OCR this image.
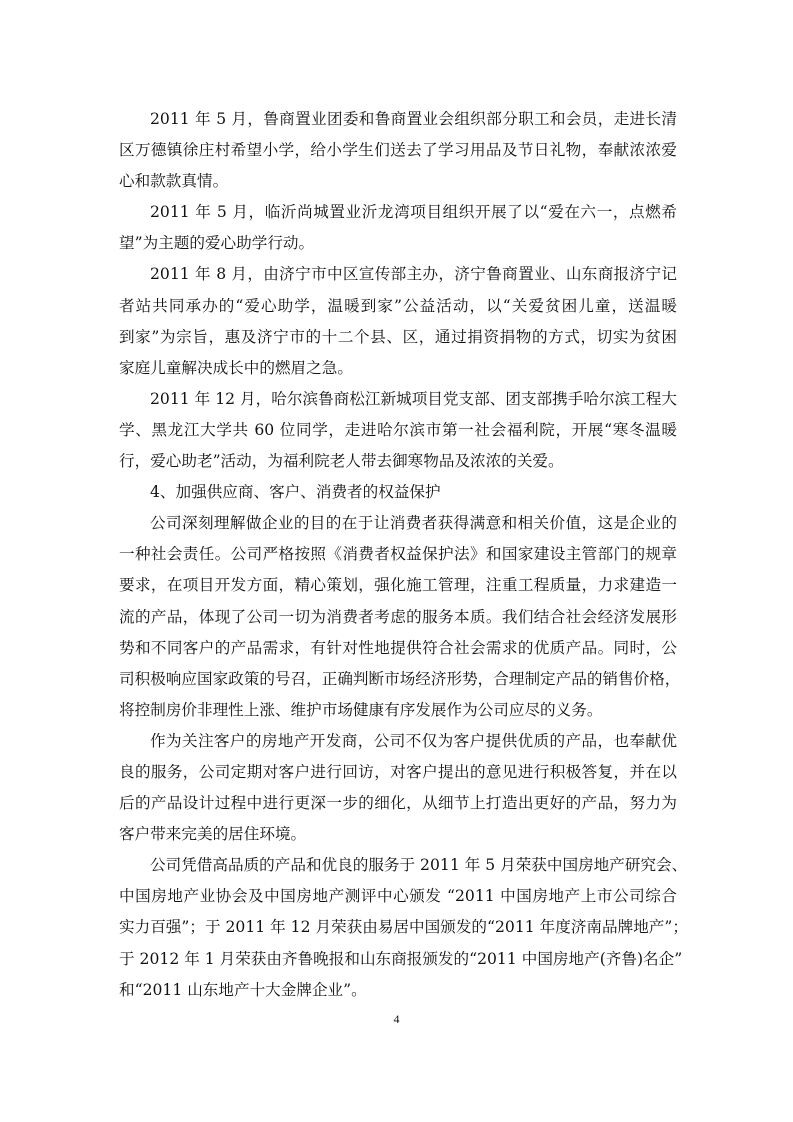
2011 年 5 月，鲁商置业团委和鲁商置业会组织部分职工和会员，走进长清
区万德镇徐庄村希望小学，给小学生们送去了学习用品及节日礼物，奉献浓浓爱
心和款款真情。
2011 年 5 月，临沂尚城置业沂龙湾项目组织开展了以“爱在六一，点燃希
望”为主题的爱心助学行动。
2011 年 8 月，由济宁市中区宣传部主办，济宁鲁商置业、山东商报济宁记
者站共同承办的“爱心助学，温暖到家”公益活动，以“关爱贫困儿童，送温暖
到家”为宗旨，惠及济宁市的十二个县、区，通过捐资捐物的方式，切实为贫困
家庭儿童解决成长中的燃眉之急。
2011 年 12 月，哈尔滨鲁商松江新城项目党支部、团支部携手哈尔滨工程大
学、黑龙江大学共 60 位同学，走进哈尔滨市第一社会福利院，开展“寒冬温暖
行，爱心助老”活动，为福利院老人带去御寒物品及浓浓的关爱。
4、加强供应商、客户、消费者的权益保护
公司深刻理解做企业的目的在于让消费者获得满意和相关价值，这是企业的
一种社会责任。公司严格按照《消费者权益保护法》和国家建设主管部门的规章
要求，在项目开发方面，精心策划，强化施工管理，注重工程质量，力求建造一
流的产品，体现了公司一切为消费者考虑的服务本质。我们结合社会经济发展形
势和不同客户的产品需求，有针对性地提供符合社会需求的优质产品。同时，公
司积极响应国家政策的号召，正确判断市场经济形势，合理制定产品的销售价格，
将控制房价非理性上涨、维护市场健康有序发展作为公司应尽的义务。
作为关注客户的房地产开发商，公司不仅为客户提供优质的产品，也奉献优
良的服务，公司定期对客户进行回访，对客户提出的意见进行积极答复，并在以
后的产品设计过程中进行更深一步的细化，从细节上打造出更好的产品，努力为
客户带来完美的居住环境。
公司凭借高品质的产品和优良的服务于 2011 年 5 月荣获中国房地产研究会、
中国房地产业协会及中国房地产测评中心颁发 “2011 中国房地产上市公司综合
实力百强”；于 2011 年 12 月荣获由易居中国颁发的“2011 年度济南品牌地产”；
于 2012 年 1 月荣获由齐鲁晚报和山东商报颁发的“2011 中国房地产(齐鲁)名企”
和“2011 山东地产十大金牌企业”。
4
